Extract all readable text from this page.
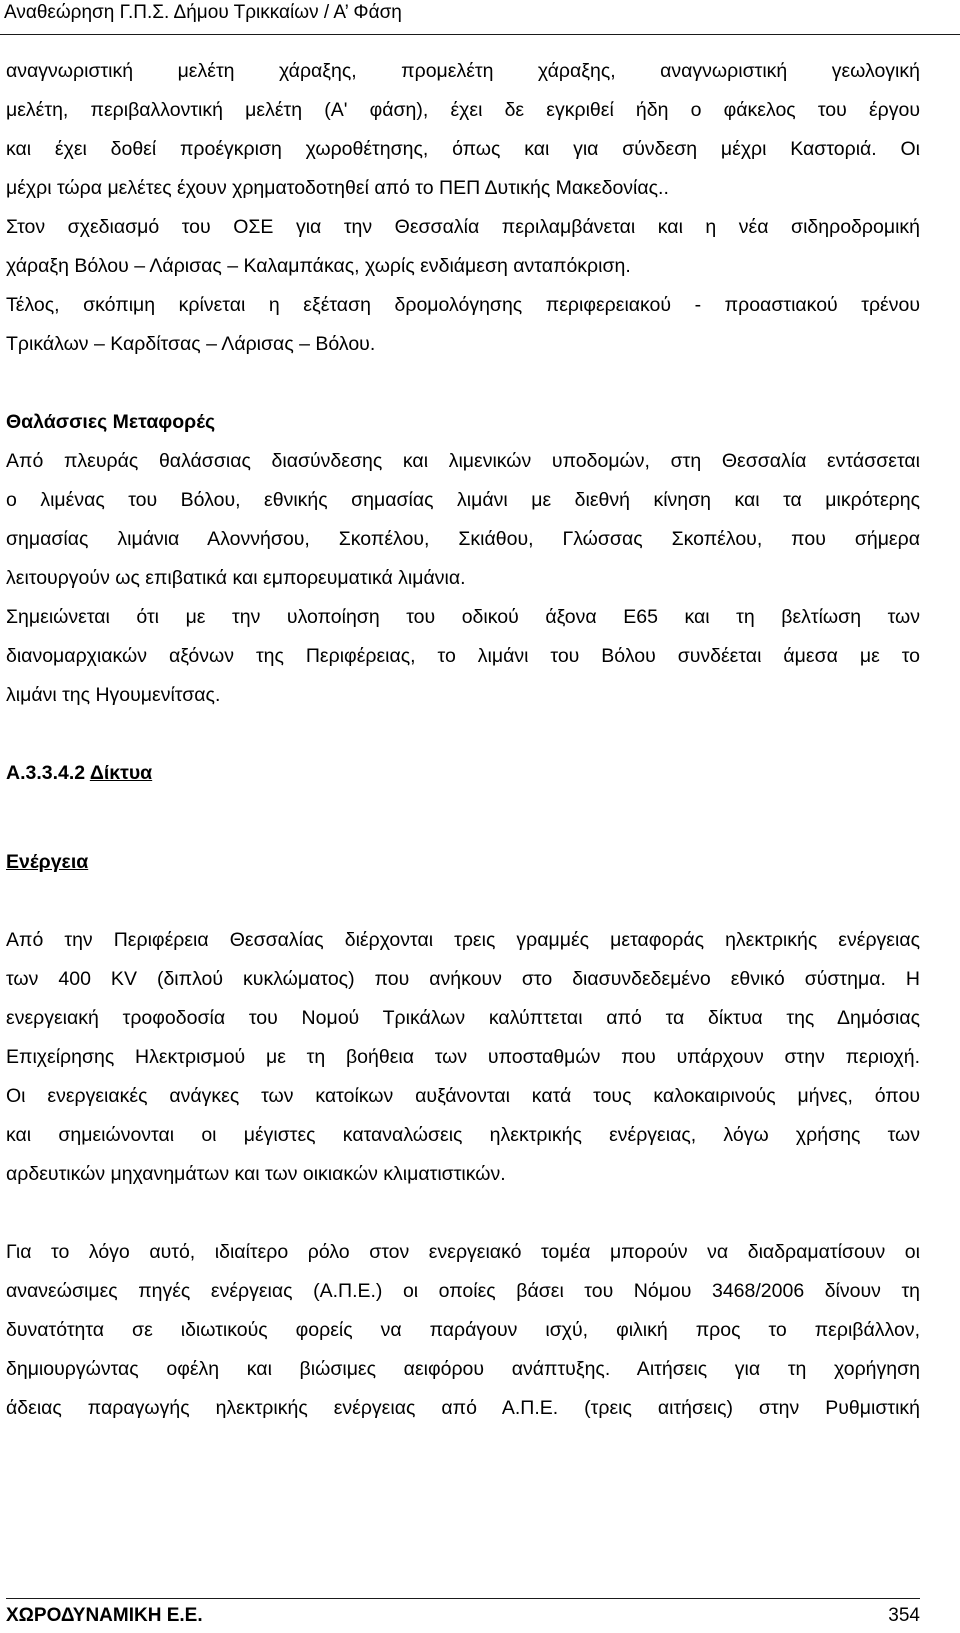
Αναθεώρηση Γ.Π.Σ. Δήμου Τρικκαίων / Α’ Φάση
αναγνωριστική μελέτη χάραξης, προμελέτη χάραξης, αναγνωριστική γεωλογική
μελέτη, περιβαλλοντική μελέτη (Α' φάση), έχει δε εγκριθεί ήδη ο φάκελος του έργου
και έχει δοθεί προέγκριση χωροθέτησης, όπως και για σύνδεση μέχρι Καστοριά. Οι
μέχρι τώρα μελέτες έχουν χρηματοδοτηθεί από το ΠΕΠ Δυτικής Μακεδονίας..
Στον σχεδιασμό του ΟΣΕ για την Θεσσαλία περιλαμβάνεται και η νέα σιδηροδρομική
χάραξη Βόλου – Λάρισας – Καλαμπάκας, χωρίς ενδιάμεση ανταπόκριση.
Τέλος, σκόπιμη κρίνεται η εξέταση δρομολόγησης περιφερειακού - προαστιακού τρένου
Τρικάλων – Καρδίτσας – Λάρισας – Βόλου.
Θαλάσσιες Μεταφορές
Από πλευράς θαλάσσιας διασύνδεσης και λιμενικών υποδομών, στη Θεσσαλία εντάσσεται
ο λιμένας του Βόλου, εθνικής σημασίας λιμάνι με διεθνή κίνηση και τα μικρότερης
σημασίας λιμάνια Αλοννήσου, Σκοπέλου, Σκιάθου, Γλώσσας Σκοπέλου, που σήμερα
λειτουργούν ως επιβατικά και εμπορευματικά λιμάνια.
Σημειώνεται ότι με την υλοποίηση του οδικού άξονα Ε65 και τη βελτίωση των
διανομαρχιακών αξόνων της Περιφέρειας, το λιμάνι του Βόλου συνδέεται άμεσα με το
λιμάνι της Ηγουμενίτσας.
Α.3.3.4.2 Δίκτυα
Ενέργεια
Από την Περιφέρεια Θεσσαλίας διέρχονται τρεις γραμμές μεταφοράς ηλεκτρικής ενέργειας
των 400 KV (διπλού κυκλώματος) που ανήκουν στο διασυνδεδεμένο εθνικό σύστημα. Η
ενεργειακή τροφοδοσία του Νομού Τρικάλων καλύπτεται από τα δίκτυα της Δημόσιας
Επιχείρησης Ηλεκτρισμού με τη βοήθεια των υποσταθμών που υπάρχουν στην περιοχή.
Οι ενεργειακές ανάγκες των κατοίκων αυξάνονται κατά τους καλοκαιρινούς μήνες, όπου
και σημειώνονται οι μέγιστες καταναλώσεις ηλεκτρικής ενέργειας, λόγω χρήσης των
αρδευτικών μηχανημάτων και των οικιακών κλιματιστικών.
Για το λόγο αυτό, ιδιαίτερο ρόλο στον ενεργειακό τομέα μπορούν να διαδραματίσουν οι
ανανεώσιμες πηγές ενέργειας (Α.Π.Ε.) οι οποίες βάσει του Νόμου 3468/2006 δίνουν τη
δυνατότητα σε ιδιωτικούς φορείς να παράγουν ισχύ, φιλική προς το περιβάλλον,
δημιουργώντας οφέλη και βιώσιμες αειφόρου ανάπτυξης. Αιτήσεις για τη χορήγηση
άδειας παραγωγής ηλεκτρικής ενέργειας από Α.Π.Ε. (τρεις αιτήσεις) στην Ρυθμιστική
ΧΩΡΟΔΥΝΑΜΙΚΗ Ε.Ε.	354
